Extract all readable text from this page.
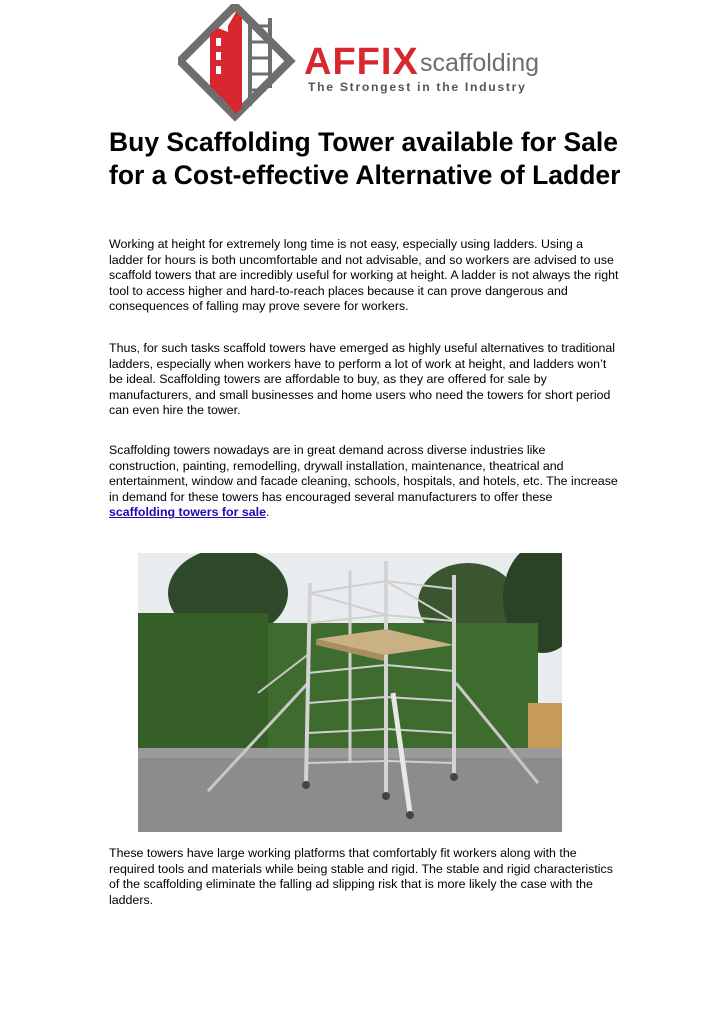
AFFIX scaffolding
The Strongest in the Industry
Buy Scaffolding Tower available for Sale for a Cost-effective Alternative of Ladder

Working at height for extremely long time is not easy, especially using ladders. Using a ladder for hours is both uncomfortable and not advisable, and so workers are advised to use scaffold towers that are incredibly useful for working at height. A ladder is not always the right tool to access higher and hard-to-reach places because it can prove dangerous and consequences of falling may prove severe for workers.

Thus, for such tasks scaffold towers have emerged as highly useful alternatives to traditional ladders, especially when workers have to perform a lot of work at height, and ladders won’t be ideal. Scaffolding towers are affordable to buy, as they are offered for sale by manufacturers, and small businesses and home users who need the towers for short period can even hire the tower.

Scaffolding towers nowadays are in great demand across diverse industries like construction, painting, remodelling, drywall installation, maintenance, theatrical and entertainment, window and facade cleaning, schools, hospitals, and hotels, etc. The increase in demand for these towers has encouraged several manufacturers to offer these scaffolding towers for sale.

These towers have large working platforms that comfortably fit workers along with the required tools and materials while being stable and rigid. The stable and rigid characteristics of the scaffolding eliminate the falling ad slipping risk that is more likely the case with the ladders.
